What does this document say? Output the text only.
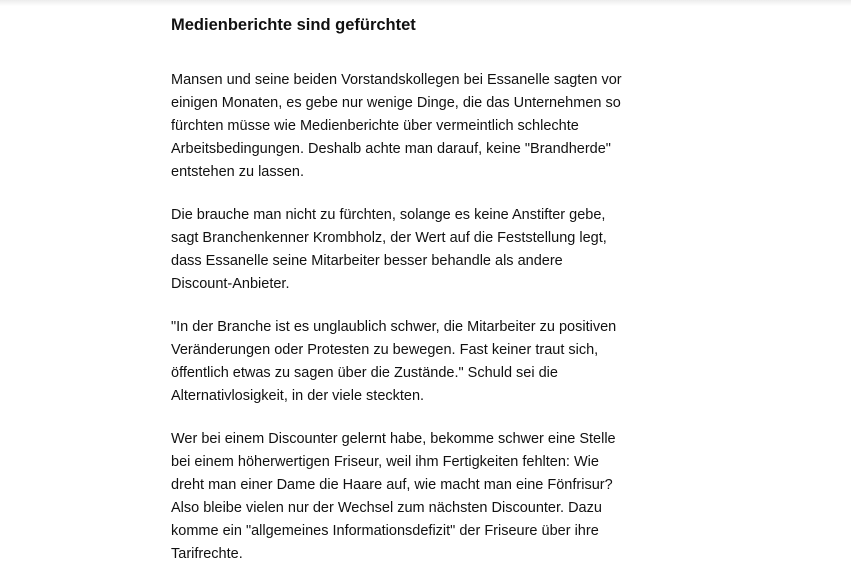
Medienberichte sind gefürchtet

Mansen und seine beiden Vorstandskollegen bei Essanelle sagten vor
einigen Monaten, es gebe nur wenige Dinge, die das Unternehmen so
fürchten müsse wie Medienberichte über vermeintlich schlechte
Arbeitsbedingungen. Deshalb achte man darauf, keine "Brandherde"
entstehen zu lassen.

Die brauche man nicht zu fürchten, solange es keine Anstifter gebe,
sagt Branchenkenner Krombholz, der Wert auf die Feststellung legt,
dass Essanelle seine Mitarbeiter besser behandle als andere
Discount-Anbieter.

"In der Branche ist es unglaublich schwer, die Mitarbeiter zu positiven
Veränderungen oder Protesten zu bewegen. Fast keiner traut sich,
öffentlich etwas zu sagen über die Zustände." Schuld sei die
Alternativlosigkeit, in der viele steckten.

Wer bei einem Discounter gelernt habe, bekomme schwer eine Stelle
bei einem höherwertigen Friseur, weil ihm Fertigkeiten fehlten: Wie
dreht man einer Dame die Haare auf, wie macht man eine Fönfrisur?
Also bleibe vielen nur der Wechsel zum nächsten Discounter. Dazu
komme ein "allgemeines Informationsdefizit" der Friseure über ihre
Tarifrechte.
